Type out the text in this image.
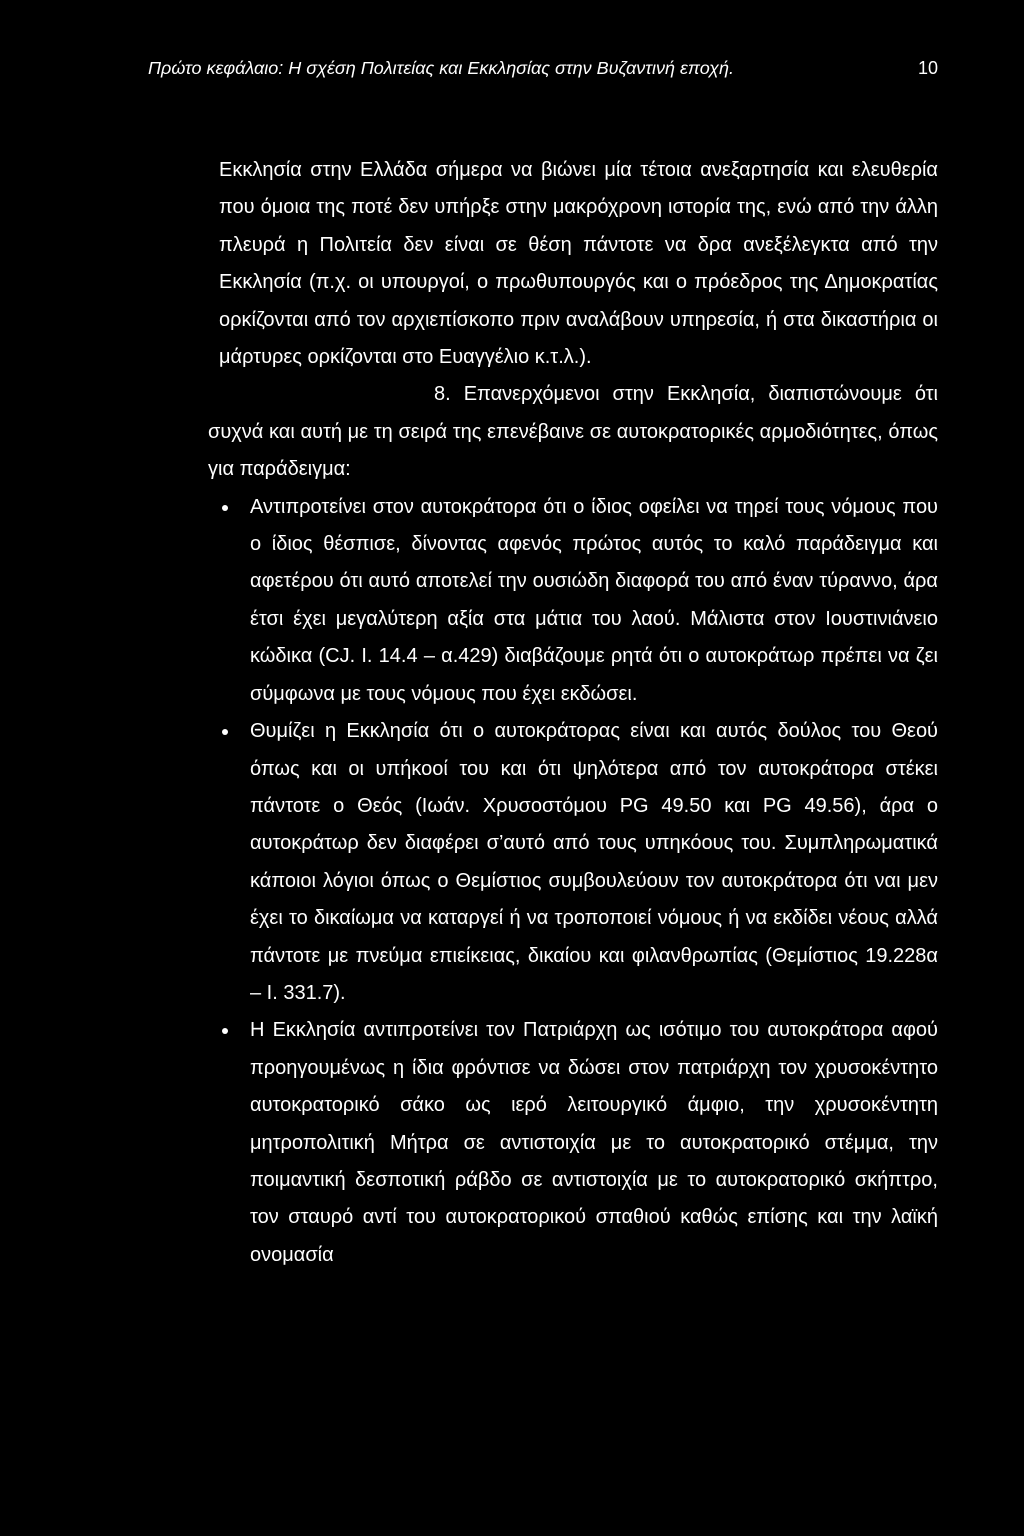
Πρώτο κεφάλαιο: Η σχέση Πολιτείας και Εκκλησίας στην Βυζαντινή εποχή.	10

Εκκλησία στην Ελλάδα σήμερα να βιώνει μία τέτοια ανεξαρτησία και ελευθερία που όμοια της ποτέ δεν υπήρξε στην μακρόχρονη ιστορία της, ενώ από την άλλη πλευρά η Πολιτεία δεν είναι σε θέση πάντοτε να δρα ανεξέλεγκτα από την Εκκλησία (π.χ. οι υπουργοί, ο πρωθυπουργός και ο πρόεδρος της Δημοκρατίας ορκίζονται από τον αρχιεπίσκοπο πριν αναλάβουν υπηρεσία, ή στα δικαστήρια οι μάρτυρες ορκίζονται στο Ευαγγέλιο κ.τ.λ.).

8. Επανερχόμενοι στην Εκκλησία, διαπιστώνουμε ότι συχνά και αυτή με τη σειρά της επενέβαινε σε αυτοκρατορικές αρμοδιότητες, όπως για παράδειγμα:

Αντιπροτείνει στον αυτοκράτορα ότι ο ίδιος οφείλει να τηρεί τους νόμους που ο ίδιος θέσπισε, δίνοντας αφενός πρώτος αυτός το καλό παράδειγμα και αφετέρου ότι αυτό αποτελεί την ουσιώδη διαφορά του από έναν τύραννο, άρα έτσι έχει μεγαλύτερη αξία στα μάτια του λαού. Μάλιστα στον Ιουστινιάνειο κώδικα (CJ. I. 14.4 – α.429) διαβάζουμε ρητά ότι ο αυτοκράτωρ πρέπει να ζει σύμφωνα με τους νόμους που έχει εκδώσει.
Θυμίζει η Εκκλησία ότι ο αυτοκράτορας είναι και αυτός δούλος του Θεού όπως και οι υπήκοοί του και ότι ψηλότερα από τον αυτοκράτορα στέκει πάντοτε ο Θεός (Ιωάν. Χρυσοστόμου PG 49.50 και PG 49.56), άρα ο αυτοκράτωρ δεν διαφέρει σ’αυτό από τους υπηκόους του. Συμπληρωματικά κάποιοι λόγιοι όπως ο Θεμίστιος συμβουλεύουν τον αυτοκράτορα ότι ναι μεν έχει το δικαίωμα να καταργεί ή να τροποποιεί νόμους ή να εκδίδει νέους αλλά πάντοτε με πνεύμα επιείκειας, δικαίου και φιλανθρωπίας (Θεμίστιος 19.228α – I. 331.7).
Η Εκκλησία αντιπροτείνει τον Πατριάρχη ως ισότιμο του αυτοκράτορα αφού προηγουμένως η ίδια φρόντισε να δώσει στον πατριάρχη τον χρυσοκέντητο αυτοκρατορικό σάκο ως ιερό λειτουργικό άμφιο, την χρυσοκέντητη μητροπολιτική Μήτρα σε αντιστοιχία με το αυτοκρατορικό στέμμα, την ποιμαντική δεσποτική ράβδο σε αντιστοιχία με το αυτοκρατορικό σκήπτρο, τον σταυρό αντί του αυτοκρατορικού σπαθιού καθώς επίσης και την λαϊκή ονομασία
